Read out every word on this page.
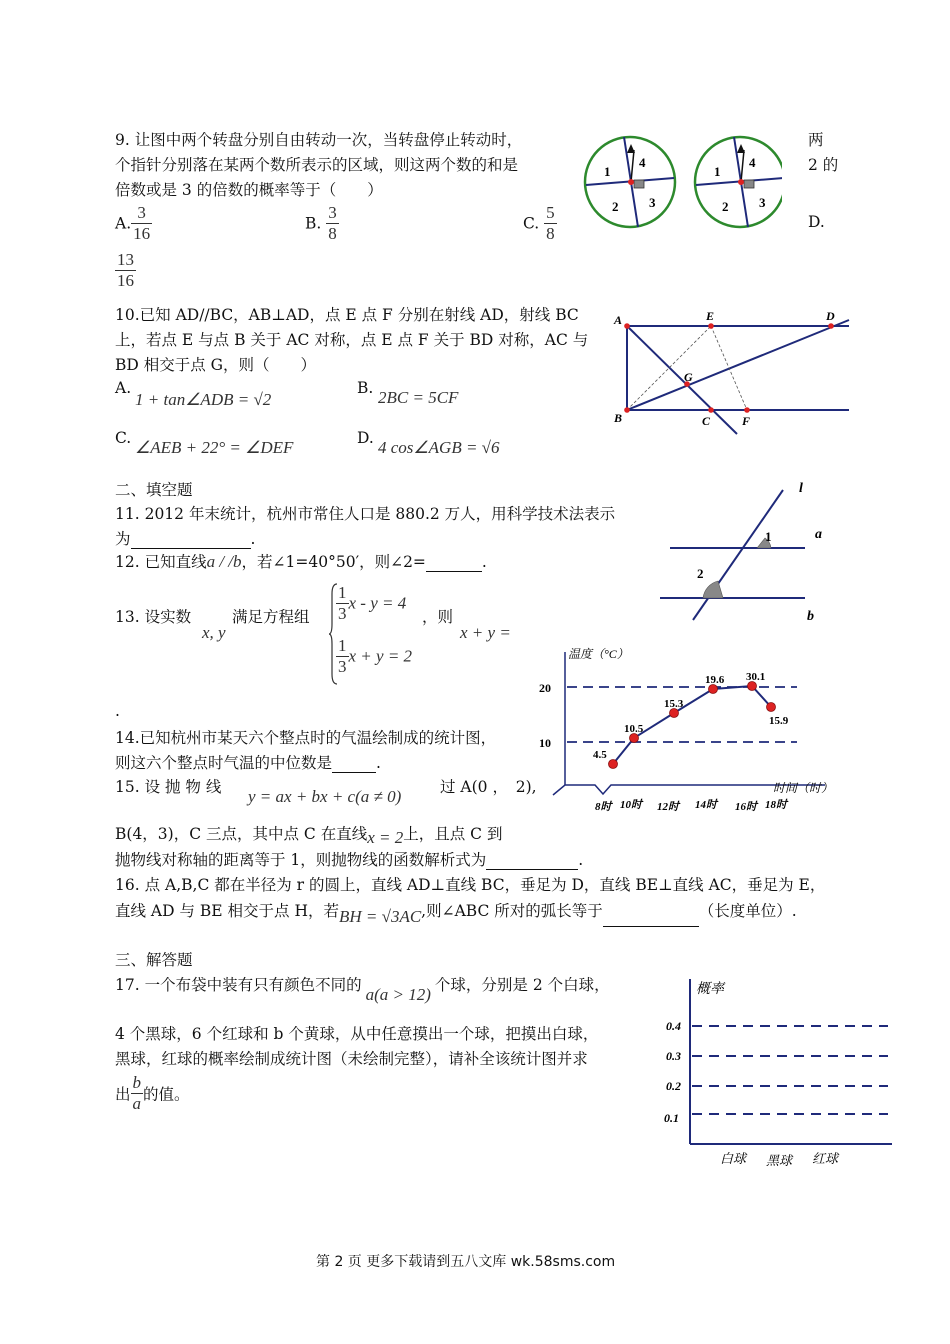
9. 让图中两个转盘分别自由转动一次，当转盘停止转动时，	两
个指针分别落在某两个数所表示的区域，则这两个数的和是	2 的
倍数或是 3 的倍数的概率等于（　　）
A. $\frac{3}{16}$	B. $\frac{3}{8}$	C. $\frac{5}{8}$	D.
$\frac{13}{16}$
1
4
2 3
1
4
2 3
10.已知 AD//BC，AB⊥AD，点 E 点 F 分别在射线 AD，射线 BC
上，若点 E 与点 B 关于 AC 对称，点 E 点 F 关于 BD 对称，AC 与
BD 相交于点 G，则（　　）
A.
1 + tan∠ADB = √2
B. 2BC = 5CF
C. ∠AEB + 22° = ∠DEF	D. 4 cos∠AGB = √6
A	E	D
G
B	C	F
二、填空题
11. 2012 年末统计，杭州市常住人口是 880.2 万人，用科学技术法表示
为	.
12. 已知直线a / /b，若∠1=40°50′，则∠2=	.
l
a
b
1
2
13. 设实数
x, y
满足方程组 $\frac{1}{3}$ x - y = 4
$\frac{1}{3}$ x + y = 2
，则
x + y =
.
14.已知杭州市某天六个整点时的气温绘制成的统计图，
则这六个整点时气温的中位数是	.
温度（°C）
时间（时）
20
10
4.5
10.5
15.3
19.6 30.1
15.9
8时 10时 12时 14时 16时 18时
15. 设 抛 物 线 y = ax + bx + c(a ≠ 0)	过 A(0 ，　2),
B(4，3)，C 三点，其中点 C 在直线x = 2上，且点 C 到
抛物线对称轴的距离等于 1，则抛物线的函数解析式为	.
16. 点 A,B,C 都在半径为 r 的圆上，直线 AD⊥直线 BC，垂足为 D，直线 BE⊥直线 AC，垂足为 E，
直线 AD 与 BE 相交于点 H，若BH = √3AC,则∠ABC 所对的弧长等于	（长度单位）.
三、解答题
17. 一个布袋中装有只有颜色不同的 a(a > 12) 个球，分别是 2 个白球，
4 个黑球，6 个红球和 b 个黄球，从中任意摸出一个球，把摸出白球，
黑球，红球的概率绘制成统计图（未绘制完整），请补全该统计图并求
出 $\frac{b}{a}$ 的值。
概率
0.4
0.3
0.2
0.1
白球 黑球 红球
第 2 页 更多下载请到五八文库 wk.58sms.com
